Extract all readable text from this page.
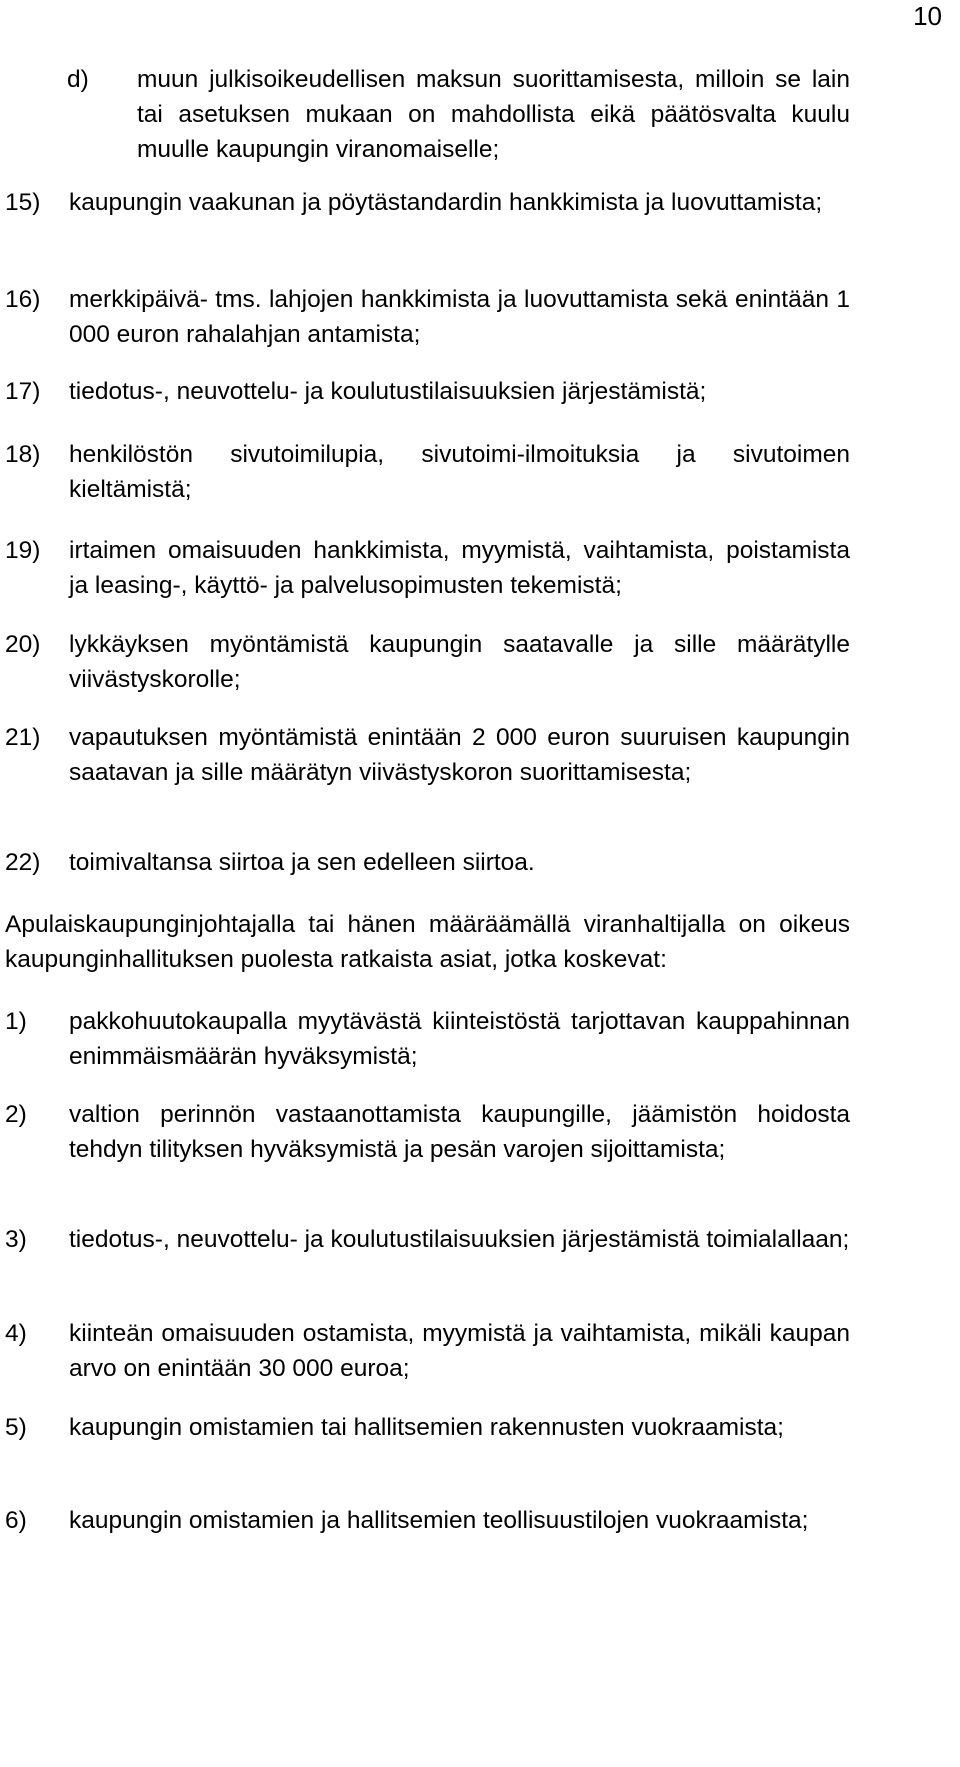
10
d) muun julkisoikeudellisen maksun suorittamisesta, milloin se lain tai asetuksen mukaan on mahdollista eikä päätösvalta kuulu muulle kaupungin viranomaiselle;
15) kaupungin vaakunan ja pöytästandardin hankkimista ja luovuttamista;
16) merkkipäivä- tms. lahjojen hankkimista ja luovuttamista sekä enintään 1 000 euron rahalahjan antamista;
17) tiedotus-, neuvottelu- ja koulutustilaisuuksien järjestämistä;
18) henkilöstön sivutoimilupia, sivutoimi-ilmoituksia ja sivutoimen kieltämistä;
19) irtaimen omaisuuden hankkimista, myymistä, vaihtamista, poistamista ja leasing-, käyttö- ja palvelusopimusten tekemistä;
20) lykkäyksen myöntämistä kaupungin saatavalle ja sille määrätylle viivästyskorolle;
21) vapautuksen myöntämistä enintään 2 000 euron suuruisen kaupungin saatavan ja sille määrätyn viivästyskoron suorittamisesta;
22) toimivaltansa siirtoa ja sen edelleen siirtoa.
Apulaiskaupunginjohtajalla tai hänen määräämällä viranhaltijalla on oikeus kaupunginhallituksen puolesta ratkaista asiat, jotka koskevat:
1) pakkohuutokaupalla myytävästä kiinteistöstä tarjottavan kauppahinnan enimmäismäärän hyväksymistä;
2) valtion perinnön vastaanottamista kaupungille, jäämistön hoidosta tehdyn tilityksen hyväksymistä ja pesän varojen sijoittamista;
3) tiedotus-, neuvottelu- ja koulutustilaisuuksien järjestämistä toimialallaan;
4) kiinteän omaisuuden ostamista, myymistä ja vaihtamista, mikäli kaupan arvo on enintään 30 000 euroa;
5) kaupungin omistamien tai hallitsemien rakennusten vuokraamista;
6) kaupungin omistamien ja hallitsemien teollisuustilojen vuokraamista;
